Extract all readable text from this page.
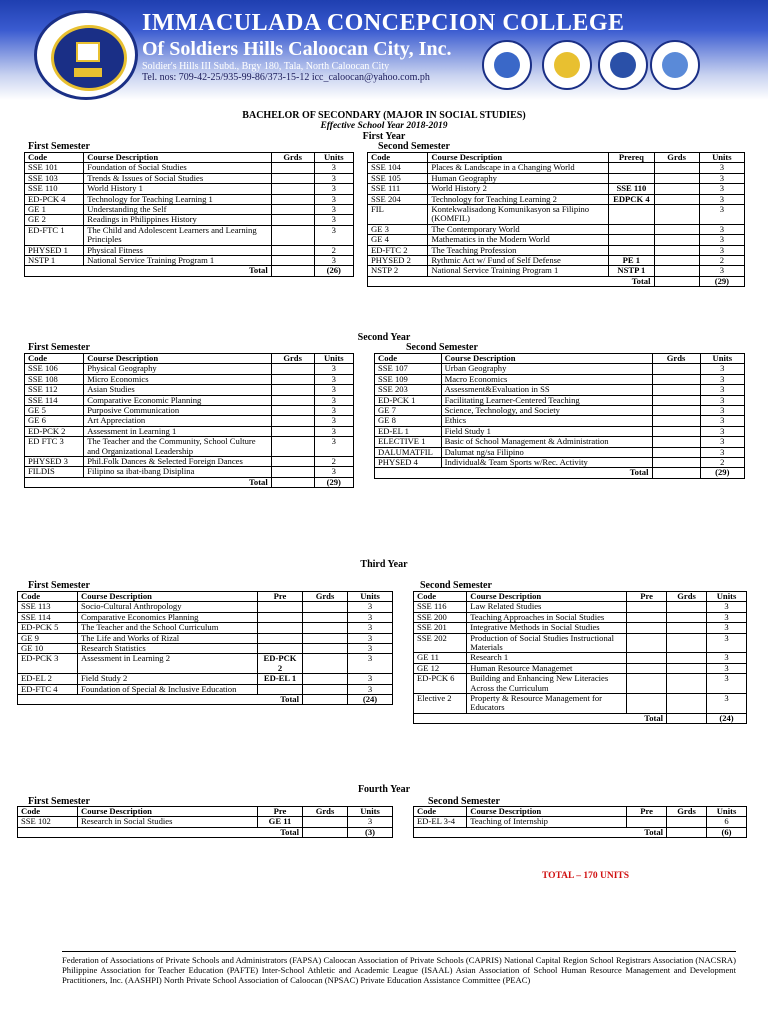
IMMACULADA CONCEPCION COLLEGE
Of Soldiers Hills Caloocan City, Inc.
Soldier's Hills III Subd., Brgy 180, Tala, North Caloocan City
Tel. nos: 709-42-25/935-99-86/373-15-12 icc_caloocan@yahoo.com.ph
BACHELOR OF SECONDARY (MAJOR IN SOCIAL STUDIES)
Effective School Year 2018-2019
First Year
First Semester	Second Semester
Code	Course Description	Grds	Units
SSE 101	Foundation of Social Studies		3
SSE 103	Trends & Issues of Social Studies		3
SSE 110	World History 1		3
ED-PCK 4	Technology for Teaching Learning 1		3
GE 1	Understanding the Self		3
GE 2	Readings in Philippines History		3
ED-FTC 1	The Child and Adolescent Learners and Learning Principles		3
PHYSED 1	Physical Fitness		2
NSTP 1	National Service Training Program 1		3
Total			(26)
Code	Course Description	Prereq	Grds	Units
SSE 104	Places & Landscape in a Changing World			3
SSE 105	Human Geography			3
SSE 111	World History 2	SSE 110		3
SSE 204	Technology for Teaching Learning 2	EDPCK 4		3
FIL	Kontekwalisadong Komunikasyon sa Filipino (KOMFIL)			3
GE 3	The Contemporary World			3
GE 4	Mathematics in the Modern World			3
ED-FTC 2	The Teaching Profession			3
PHYSED 2	Rythmic Act w/ Fund of Self Defense	PE 1		2
NSTP 2	National Service Training Program 1	NSTP 1		3
Total				(29)
Second Year
First Semester	Second Semester
Code	Course Description	Grds	Units
SSE 106	Physical Geography		3
SSE 108	Micro Economics		3
SSE 112	Asian Studies		3
SSE 114	Comparative Economic Planning		3
GE 5	Purposive Communication		3
GE 6	Art Appreciation		3
ED-PCK 2	Assessment in Learning 1		3
ED FTC 3	The Teacher and the Community, School Culture and Organizational Leadership		3
PHYSED 3	Phil.Folk Dances & Selected Foreign Dances		2
FILDIS	Filipino sa ibat-ibang Disiplina		3
Total			(29)
Code	Course Description	Grds	Units
SSE 107	Urban Geography		3
SSE 109	Macro Economics		3
SSE 203	Assessment&Evaluation in SS		3
ED-PCK 1	Facilitating Learner-Centered Teaching		3
GE 7	Science, Technology, and Society		3
GE 8	Ethics		3
ED-EL 1	Field Study 1		3
ELECTIVE 1	Basic of School Management & Administration		3
DALUMATFIL	Dalumat ng/sa Filipino		3
PHYSED 4	Individual& Team Sports w/Rec. Activity		2
Total			(29)
Third Year
First Semester	Second Semester
Code	Course Description	Pre	Grds	Units
SSE 113	Socio-Cultural Anthropology			3
SSE 114	Comparative Economics Planning			3
ED-PCK 5	The Teacher and the School Curriculum			3
GE 9	The Life and Works of Rizal			3
GE 10	Research Statistics			3
ED-PCK 3	Assessment in Learning 2	ED-PCK 2		3
ED-EL 2	Field Study 2	ED-EL 1		3
ED-FTC 4	Foundation of Special & Inclusive Education			3
Total				(24)
Code	Course Description	Pre	Grds	Units
SSE 116	Law Related Studies			3
SSE 200	Teaching Approaches in Social Studies			3
SSE 201	Integrative Methods in Social Studies			3
SSE 202	Production of Social Studies Instructional Materials			3
GE 11	Research 1			3
GE 12	Human Resource Managemet			3
ED-PCK 6	Building and Enhancing New Literacies Across the Curriculum			3
Elective 2	Property & Resource Management for Educators			3
Total				(24)
Fourth Year
First Semester	Second Semester
Code	Course Description	Pre	Grds	Units
SSE 102	Research in Social Studies	GE 11		3
Total				(3)
Code	Course Description	Pre	Grds	Units
ED-EL 3-4	Teaching of Internship			6
Total				(6)
TOTAL – 170 UNITS
Federation of Associations of Private Schools and Administrators (FAPSA) Caloocan Association of Private Schools (CAPRIS) National Capital Region School Registrars Association (NACSRA) Philippine Association for Teacher Education (PAFTE) Inter-School Athletic and Academic League (ISAAL) Asian Association of School Human Resource Management and Development Practitioners, Inc. (AASHPI) North Private School Association of Caloocan (NPSAC) Private Education Assistance Committee (PEAC)
